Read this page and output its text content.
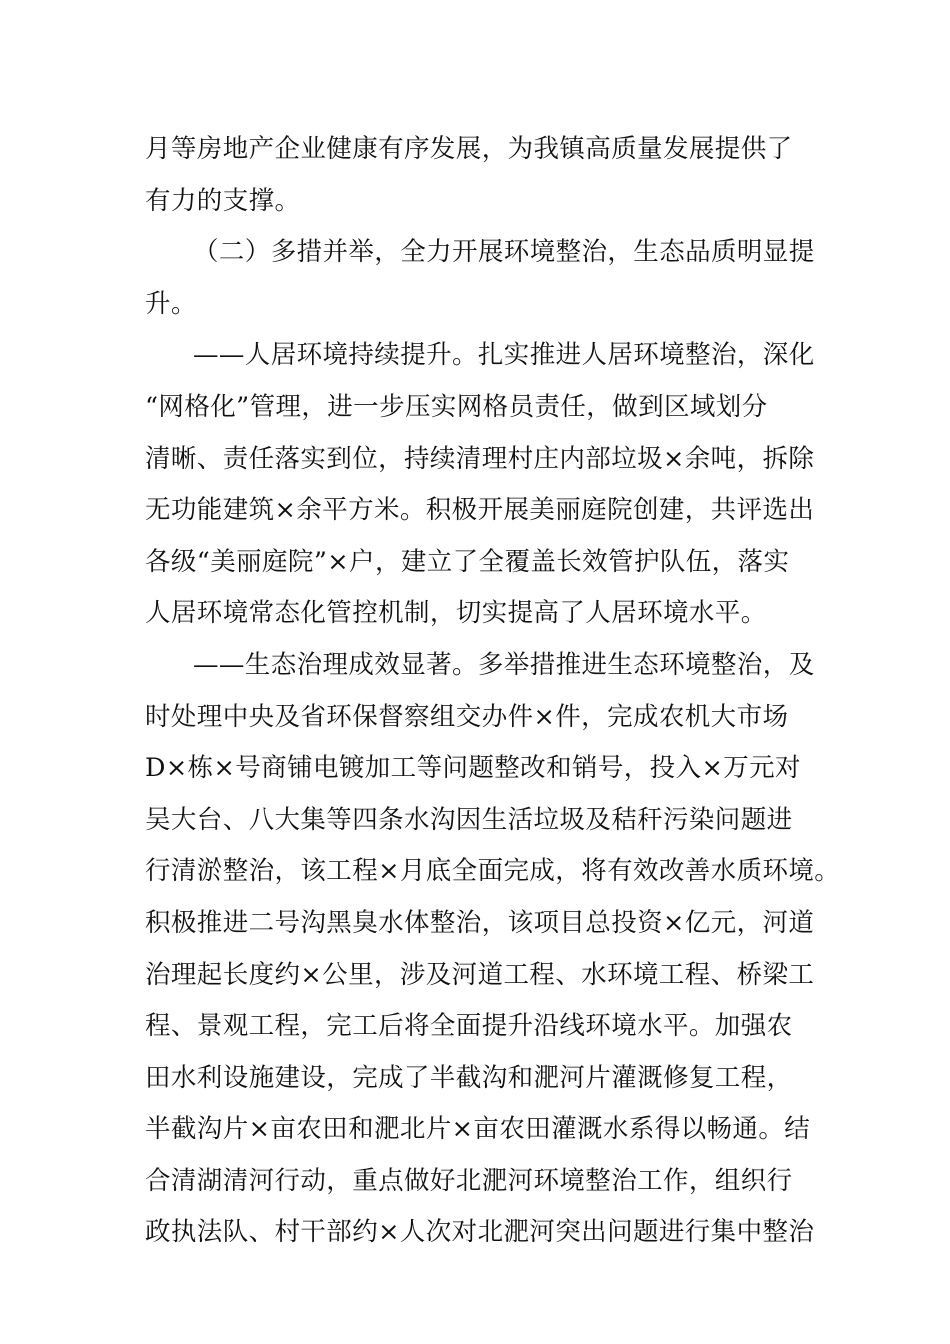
月等房地产企业健康有序发展，为我镇高质量发展提供了
有力的支撑。
（二）多措并举，全力开展环境整治，生态品质明显提
升。
——人居环境持续提升。扎实推进人居环境整治，深化
“网格化”管理，进一步压实网格员责任，做到区域划分
清晰、责任落实到位，持续清理村庄内部垃圾×余吨，拆除
无功能建筑×余平方米。积极开展美丽庭院创建，共评选出
各级“美丽庭院”×户，建立了全覆盖长效管护队伍，落实
人居环境常态化管控机制，切实提高了人居环境水平。
——生态治理成效显著。多举措推进生态环境整治，及
时处理中央及省环保督察组交办件×件，完成农机大市场
D×栋×号商铺电镀加工等问题整改和销号，投入×万元对
吴大台、八大集等四条水沟因生活垃圾及秸秆污染问题进
行清淤整治，该工程×月底全面完成，将有效改善水质环境。
积极推进二号沟黑臭水体整治，该项目总投资×亿元，河道
治理起长度约×公里，涉及河道工程、水环境工程、桥梁工
程、景观工程，完工后将全面提升沿线环境水平。加强农
田水利设施建设，完成了半截沟和淝河片灌溉修复工程，
半截沟片×亩农田和淝北片×亩农田灌溉水系得以畅通。结
合清湖清河行动，重点做好北淝河环境整治工作，组织行
政执法队、村干部约×人次对北淝河突出问题进行集中整治
